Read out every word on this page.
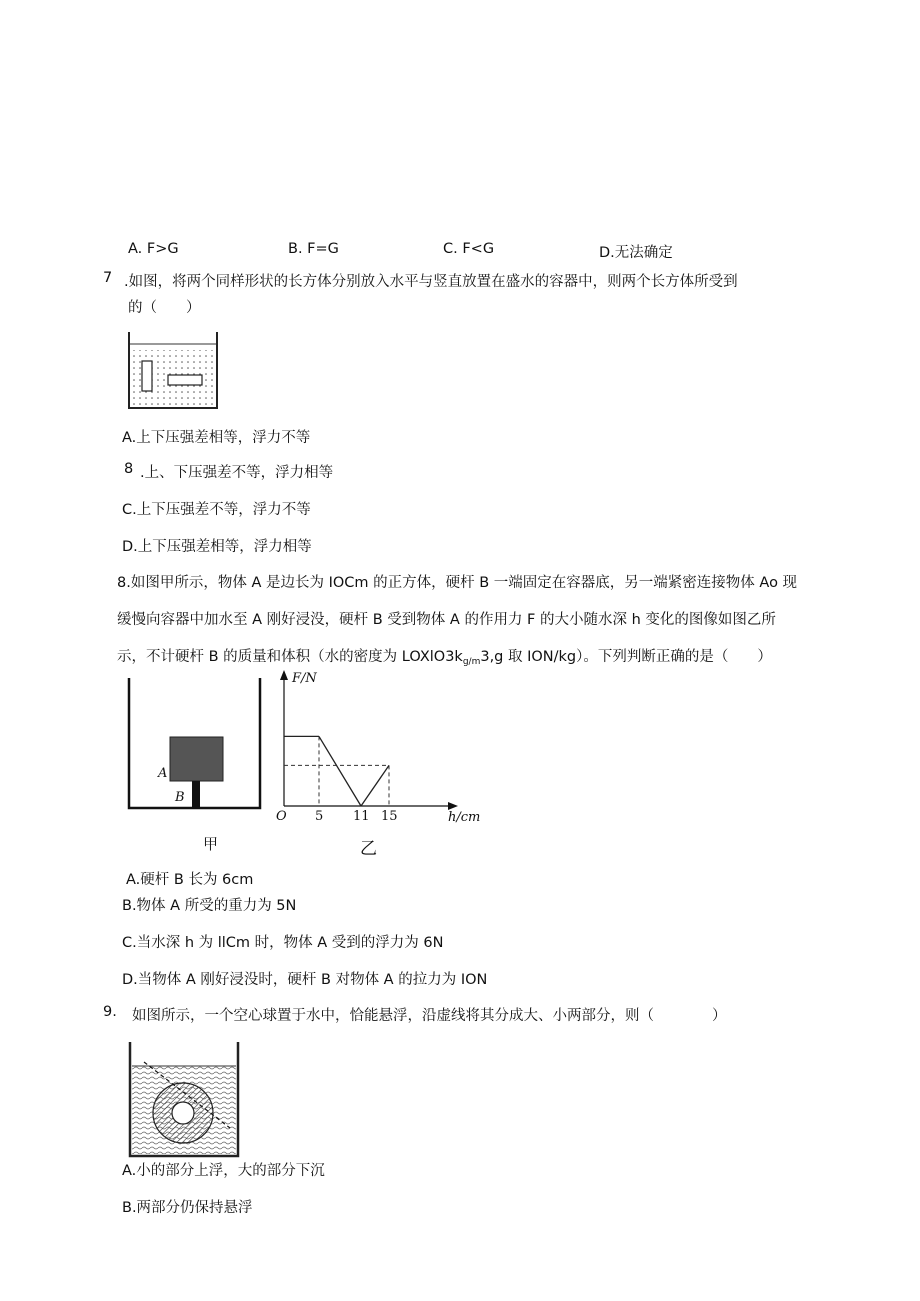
A. F>G	B. F=G	C. F<G	D.无法确定
7 .如图，将两个同样形状的长方体分别放入水平与竖直放置在盛水的容器中，则两个长方体所受到
的（　　）
A.上下压强差相等，浮力不等
8 .上、下压强差不等，浮力相等
C.上下压强差不等，浮力不等
D.上下压强差相等，浮力相等
8.如图甲所示，物体 A 是边长为 IOCm 的正方体，硬杆 B 一端固定在容器底，另一端紧密连接物体 Ao 现
缓慢向容器中加水至 A 刚好浸没，硬杆 B 受到物体 A 的作用力 F 的大小随水深 h 变化的图像如图乙所
示，不计硬杆 B 的质量和体积（水的密度为 $LOXlO3k_{g∕m}3,g$ 取 ION∕kg）。下列判断正确的是（　　）
A
B
甲
F/N
h/cm
O 5 11 15
乙
A.硬杆 B 长为 6cm
B.物体 A 所受的重力为 5N
C.当水深 h 为 llCm 时，物体 A 受到的浮力为 6N
D.当物体 A 刚好浸没时，硬杆 B 对物体 A 的拉力为 ION
9. 如图所示，一个空心球置于水中，恰能悬浮，沿虚线将其分成大、小两部分，则（　　　　）
A.小的部分上浮，大的部分下沉
B.两部分仍保持悬浮
